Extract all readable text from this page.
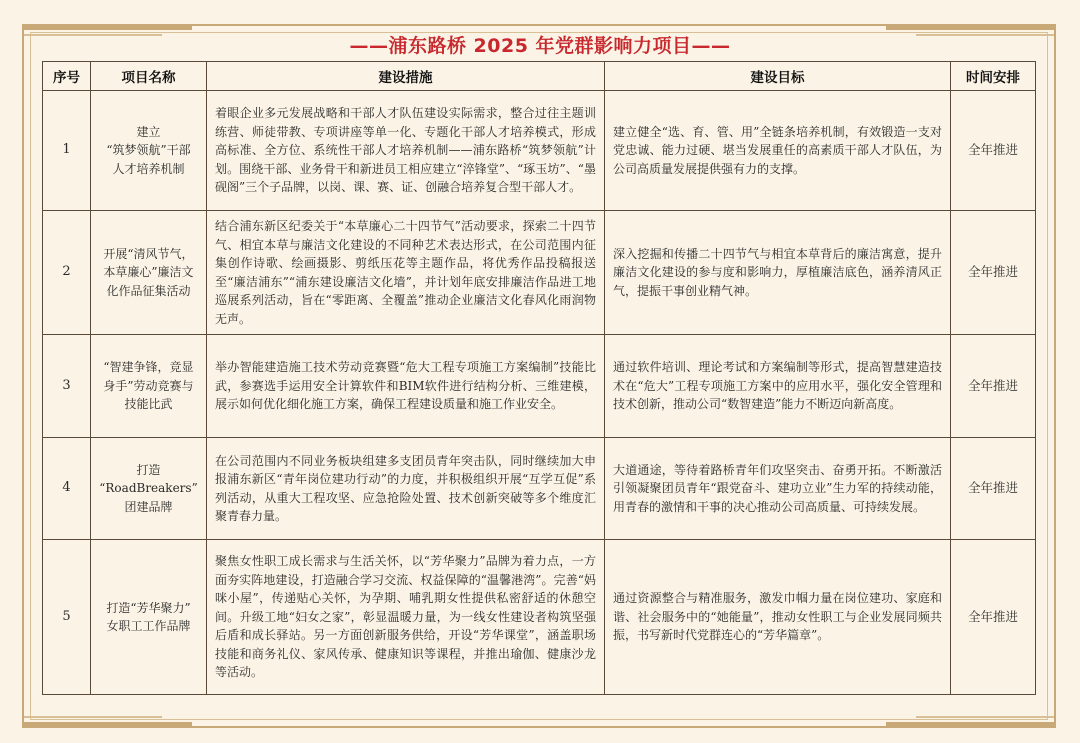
——浦东路桥 2025 年党群影响力项目——
序号	项目名称	建设措施	建设目标	时间安排
1	建立
“筑梦领航”干部
人才培养机制	着眼企业多元发展战略和干部人才队伍建设实际需求，整合过往主题训练营、师徒带教、专项讲座等单一化、专题化干部人才培养模式，形成高标准、全方位、系统性干部人才培养机制——浦东路桥“筑梦领航”计划。围绕干部、业务骨干和新进员工相应建立“淬锋堂”、“琢玉坊”、“墨砚阁”三个子品牌，以岗、课、赛、证、创融合培养复合型干部人才。	建立健全“选、育、管、用”全链条培养机制，有效锻造一支对党忠诚、能力过硬、堪当发展重任的高素质干部人才队伍，为公司高质量发展提供强有力的支撑。	全年推进
2	开展“清风节气，
本草廉心”廉洁文
化作品征集活动	结合浦东新区纪委关于“本草廉心二十四节气”活动要求，探索二十四节气、相宜本草与廉洁文化建设的不同种艺术表达形式，在公司范围内征集创作诗歌、绘画摄影、剪纸压花等主题作品，将优秀作品投稿报送至“廉洁浦东”“浦东建设廉洁文化墙”，并计划年底安排廉洁作品进工地巡展系列活动，旨在“零距离、全覆盖”推动企业廉洁文化春风化雨润物无声。	深入挖掘和传播二十四节气与相宜本草背后的廉洁寓意，提升廉洁文化建设的参与度和影响力，厚植廉洁底色，涵养清风正气，提振干事创业精气神。	全年推进
3	“智建争锋，竞显
身手”劳动竞赛与
技能比武	举办智能建造施工技术劳动竞赛暨“危大工程专项施工方案编制”技能比武，参赛选手运用安全计算软件和BIM软件进行结构分析、三维建模，展示如何优化细化施工方案，确保工程建设质量和施工作业安全。	通过软件培训、理论考试和方案编制等形式，提高智慧建造技术在“危大”工程专项施工方案中的应用水平，强化安全管理和技术创新，推动公司“数智建造”能力不断迈向新高度。	全年推进
4	打造
“RoadBreakers”
团建品牌	在公司范围内不同业务板块组建多支团员青年突击队，同时继续加大申报浦东新区“青年岗位建功行动”的力度，并积极组织开展“互学互促”系列活动，从重大工程攻坚、应急抢险处置、技术创新突破等多个维度汇聚青春力量。	大道通途，等待着路桥青年们攻坚突击、奋勇开拓。不断激活引领凝聚团员青年“跟党奋斗、建功立业”生力军的持续动能，用青春的激情和干事的决心推动公司高质量、可持续发展。	全年推进
5	打造“芳华聚力”
女职工工作品牌	聚焦女性职工成长需求与生活关怀，以“芳华聚力”品牌为着力点，一方面夯实阵地建设，打造融合学习交流、权益保障的“温馨港湾”。完善“妈咪小屋”，传递贴心关怀，为孕期、哺乳期女性提供私密舒适的休憩空间。升级工地“妇女之家”，彰显温暖力量，为一线女性建设者构筑坚强后盾和成长驿站。另一方面创新服务供给，开设“芳华课堂”，涵盖职场技能和商务礼仪、家风传承、健康知识等课程，并推出瑜伽、健康沙龙等活动。	通过资源整合与精准服务，激发巾帼力量在岗位建功、家庭和谐、社会服务中的“她能量”，推动女性职工与企业发展同频共振，书写新时代党群连心的“芳华篇章”。	全年推进
